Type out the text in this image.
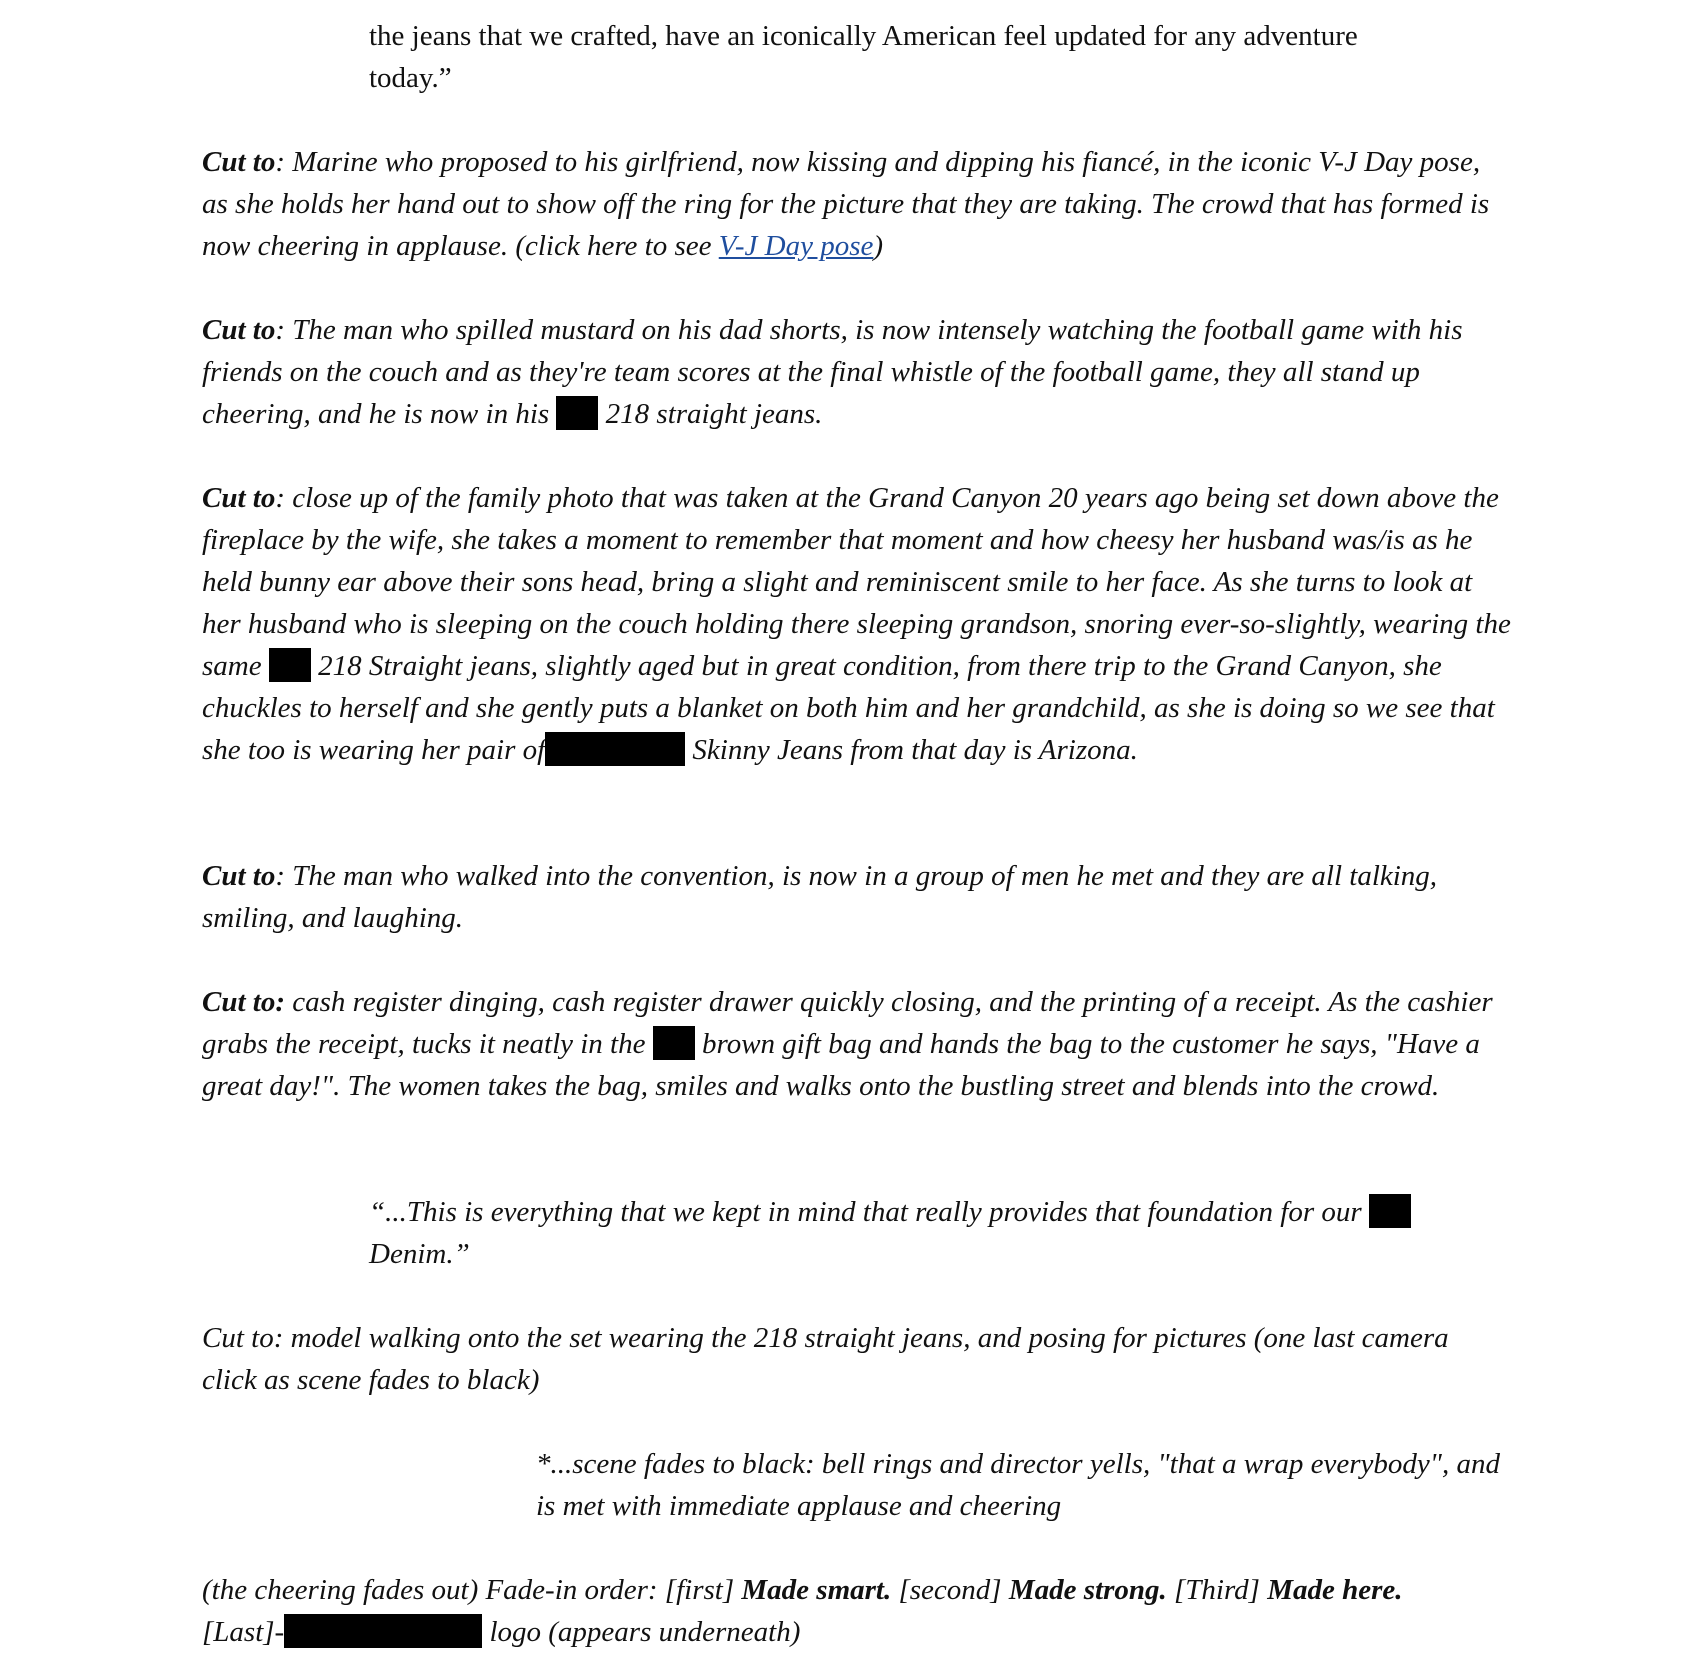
the jeans that we crafted, have an iconically American feel updated for any adventure
today.”

Cut to: Marine who proposed to his girlfriend, now kissing and dipping his fiancé, in the iconic V-J Day pose, as she holds her hand out to show off the ring for the picture that they are taking. The crowd that has formed is now cheering in applause. (click here to see V-J Day pose)

Cut to: The man who spilled mustard on his dad shorts, is now intensely watching the football game with his friends on the couch and as they're team scores at the final whistle of the football game, they all stand up cheering, and he is now in his  218 straight jeans.

Cut to: close up of the family photo that was taken at the Grand Canyon 20 years ago being set down above the fireplace by the wife, she takes a moment to remember that moment and how cheesy her husband was/is as he held bunny ear above their sons head, bring a slight and reminiscent smile to her face. As she turns to look at her husband who is sleeping on the couch holding there sleeping grandson, snoring ever-so-slightly, wearing the same  218 Straight jeans, slightly aged but in great condition, from there trip to the Grand Canyon, she chuckles to herself and she gently puts a blanket on both him and her grandchild, as she is doing so we see that she too is wearing her pair of	Skinny Jeans from that day is Arizona.

Cut to: The man who walked into the convention, is now in a group of men he met and they are all talking, smiling, and laughing.

Cut to: cash register dinging, cash register drawer quickly closing, and the printing of a receipt. As the cashier grabs the receipt, tucks it neatly in the  brown gift bag and hands the bag to the customer he says, "Have a great day!". The women takes the bag, smiles and walks onto the bustling street and blends into the crowd.

“...This is everything that we kept in mind that really provides that foundation for our
Denim.”

Cut to: model walking onto the set wearing the 218 straight jeans, and posing for pictures (one last camera click as scene fades to black)

*...scene fades to black: bell rings and director yells, "that a wrap everybody", and is met with immediate applause and cheering

(the cheering fades out) Fade-in order: [first] Made smart. [second] Made strong. [Third] Made here.
[Last]-	logo (appears underneath)
